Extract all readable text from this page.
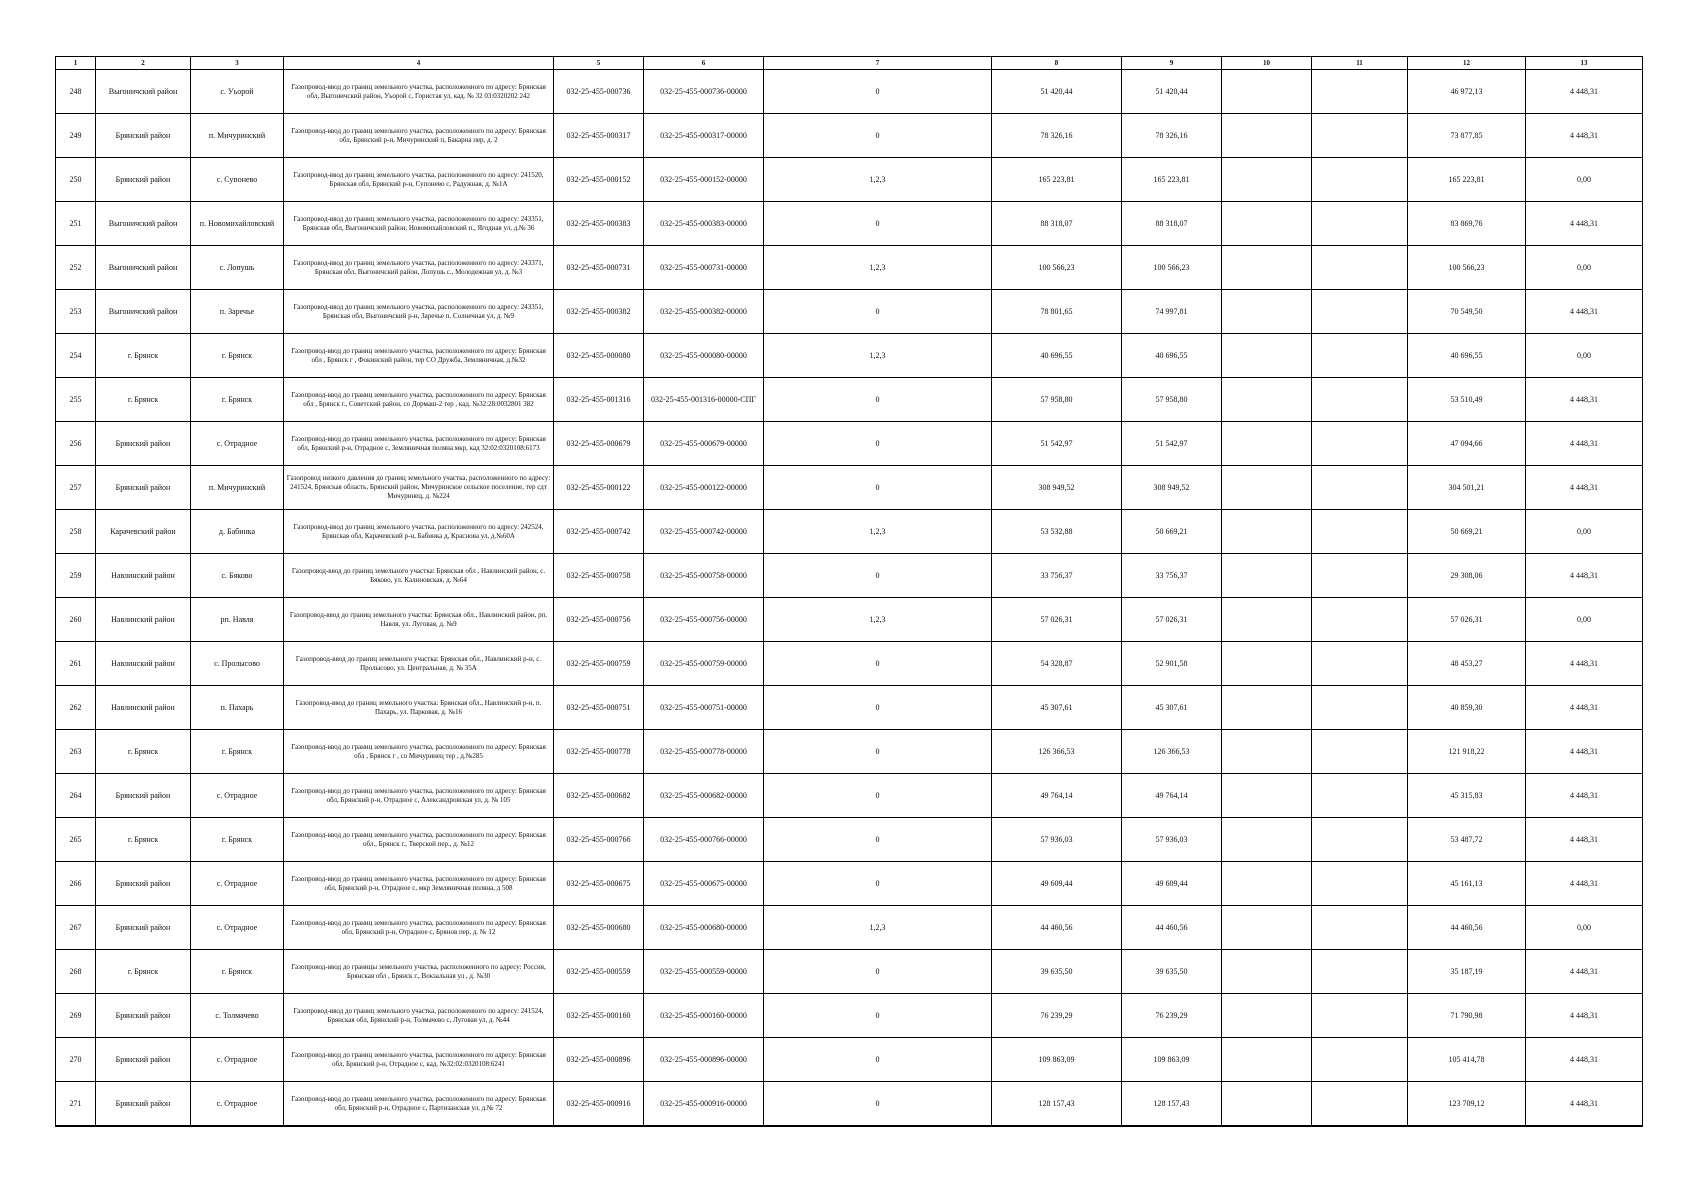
1	2	3	4	5	6	7	8	9	10	11	12	13
248	Выгоничский район	с. Уьорой	Газопровод-ввод до границ земельного участка, расположенного по адресу: Брянская обл, Выгоничский район, Уьорой с, Гористая ул, кад. № 32 03:0320202 242	032-25-455-000736	032-25-455-000736-00000	0	51 420,44	51 420,44			46 972,13	4 448,31
249	Брянский район	п. Мичуринский	Газопровод-ввод до границ земельного участка, расположенного по адресу: Брянская обл, Брянский р-н, Мичуринский п, Бакарна пер, д. 2	032-25-455-000317	032-25-455-000317-00000	0	78 326,16	78 326,16			73 877,85	4 448,31
250	Брянский район	с. Супонево	Газопровод-ввод до границ земельного участка, расположенного по адресу: 241520, Брянская обл, Брянский р-н, Супонево с, Радужная, д. №1А	032-25-455-000152	032-25-455-000152-00000	1,2,3	165 223,81	165 223,81			165 223,81	0,00
251	Выгоничский район	п. Новомихайловский	Газопровод-ввод до границ земельного участка, расположенного по адресу: 243351, Брянская обл, Выгоничский район, Новомихайловский п., Ягодная ул, д.№ 36	032-25-455-000383	032-25-455-000383-00000	0	88 318,07	88 318,07			83 869,76	4 448,31
252	Выгоничский район	с. Лопушь	Газопровод-ввод до границ земельного участка, расположенного по адресу: 243371, Брянская обл, Выгоничский район, Лопушь с., Молодежная ул, д. №3	032-25-455-000731	032-25-455-000731-00000	1,2,3	100 566,23	100 566,23			100 566,23	0,00
253	Выгоничский район	п. Заречье	Газопровод-ввод до границ земельного участка, расположенного по адресу: 243351, Брянская обл, Выгоничский р-н, Заречье п. Солнечная ул, д. №9	032-25-455-000382	032-25-455-000382-00000	0	78 801,65	74 997,81			70 549,50	4 448,31
254	г. Брянск	г. Брянск	Газопровод-ввод до границ земельного участка, расположенного по адресу: Брянская обл , Брянск г , Фокинский район, тер СО Дружба, Земляничная, д.№32	032-25-455-000080	032-25-455-000080-00000	1,2,3	40 696,55	40 696,55			40 696,55	0,00
255	г. Брянск	г. Брянск	Газопровод-ввод до границ земельного участка, расположенного по адресу: Брянская обл , Брянск г., Советский район, со Дормаш-2 тер , кад. №32:28:0032801 382	032-25-455-001316	032-25-455-001316-00000-СПГ	0	57 958,80	57 958,80			53 510,49	4 448,31
256	Брянский район	с. Отрадное	Газопровод-ввод до границ земельного участка, расположенного по адресу: Брянская обл, Брянский р-н, Отрадное с, Земляничная поляна мкр, кад 32:02:0320108:6173	032-25-455-000679	032-25-455-000679-00000	0	51 542,97	51 542,97			47 094,66	4 448,31
257	Брянский район	п. Мичуринский	Газопровод низкого давления до границ земельного участка, расположенного по адресу: 241524, Брянская область, Брянский район, Мичуринское сельское поселение, тер сдт Мичуринец, д. №224	032-25-455-000122	032-25-455-000122-00000	0	308 949,52	308 949,52			304 501,21	4 448,31
258	Карачевский район	д. Бабинка	Газопровод-ввод до границ земельного участка, расположенного по адресу: 242524, Брянская обл, Карачевский р-н, Бабинка д, Краснова ул, д.№60А	032-25-455-000742	032-25-455-000742-00000	1,2,3	53 532,88	50 669,21			50 669,21	0,00
259	Навлинский район	с. Бяково	Газопровод-ввод до границ земельного участка: Брянская обл , Навлинский район, с. Бяково, ул. Калиновская, д. №64	032-25-455-000758	032-25-455-000758-00000	0	33 756,37	33 756,37			29 308,06	4 448,31
260	Навлинский район	рп. Навля	Газопровод-ввод до границ земельного участка: Брянская обл., Навлинский район, рп. Навля, ул. Луговая, д. №9	032-25-455-000756	032-25-455-000756-00000	1,2,3	57 026,31	57 026,31			57 026,31	0,00
261	Навлинский район	с. Пролысово	Газопровод-ввод до границ земельного участка: Брянская обл., Навлинский р-н, с. Пролысово, ул. Центральная, д. № 35А	032-25-455-000759	032-25-455-000759-00000	0	54 328,87	52 901,58			48 453,27	4 448,31
262	Навлинский район	п. Пахарь	Газопровод-ввод до границ земельного участка: Брянская обл., Навлинский р-н, п. Пахарь, ул. Парковая, д. №16	032-25-455-000751	032-25-455-000751-00000	0	45 307,61	45 307,61			40 859,30	4 448,31
263	г. Брянск	г. Брянск	Газопровод-ввод до границ земельного участка, расположенного по адресу: Брянская обл , Брянск г , со Мичуринец тер , д.№285	032-25-455-000778	032-25-455-000778-00000	0	126 366,53	126 366,53			121 918,22	4 448,31
264	Брянский район	с. Отрадное	Газопровод-ввод до границ земельного участка, расположенного по адресу: Брянская обл, Брянский р-н, Отрадное с, Александровская ул, д. № 105	032-25-455-000682	032-25-455-000682-00000	0	49 764,14	49 764,14			45 315,83	4 448,31
265	г. Брянск	г. Брянск	Газопровод-ввод до границ земельного участка, расположенного по адресу: Брянская обл., Брянск г., Тверской пер., д. №12	032-25-455-000766	032-25-455-000766-00000	0	57 936,03	57 936,03			53 487,72	4 448,31
266	Брянский район	с. Отрадное	Газопровод-ввод до границ земельного участка, расположенного по адресу: Брянская обл, Брянский р-н, Отрадное с, мкр Земляничная поляна, д 508	032-25-455-000675	032-25-455-000675-00000	0	49 609,44	49 609,44			45 161,13	4 448,31
267	Брянский район	с. Отрадное	Газопровод-ввод до границ земельного участка, расположенного по адресу: Брянская обл, Брянский р-н, Отрадное с, Брянов пер, д. № 12	032-25-455-000680	032-25-455-000680-00000	1,2,3	44 460,56	44 460,56			44 460,56	0,00
268	г. Брянск	г. Брянск	Газопровод-ввод до границы земельного участка, расположенного по адресу: Россия, Брянская обл , Брянск г., Вокзальная ул , д. №30	032-25-455-000559	032-25-455-000559-00000	0	39 635,50	39 635,50			35 187,19	4 448,31
269	Брянский район	с. Толмачево	Газопровод-ввод до границ земельного участка, расположенного по адресу: 241524, Брянская обл, Брянский р-н, Толмачево с, Луговая ул, д. №44	032-25-455-000160	032-25-455-000160-00000	0	76 239,29	76 239,29			71 790,98	4 448,31
270	Брянский район	с. Отрадное	Газопровод-ввод до границ земельного участка, расположенного по адресу: Брянская обл, Брянский р-н, Отрадное с, кад. №32:02:0320108:6241	032-25-455-000896	032-25-455-000896-00000	0	109 863,09	109 863,09			105 414,78	4 448,31
271	Брянский район	с. Отрадное	Газопровод-ввод до границ земельного участка, расположенного по адресу: Брянская обл, Брянский р-н, Отрадное с, Партизанская ул, д.№ 72	032-25-455-000916	032-25-455-000916-00000	0	128 157,43	128 157,43			123 709,12	4 448,31
